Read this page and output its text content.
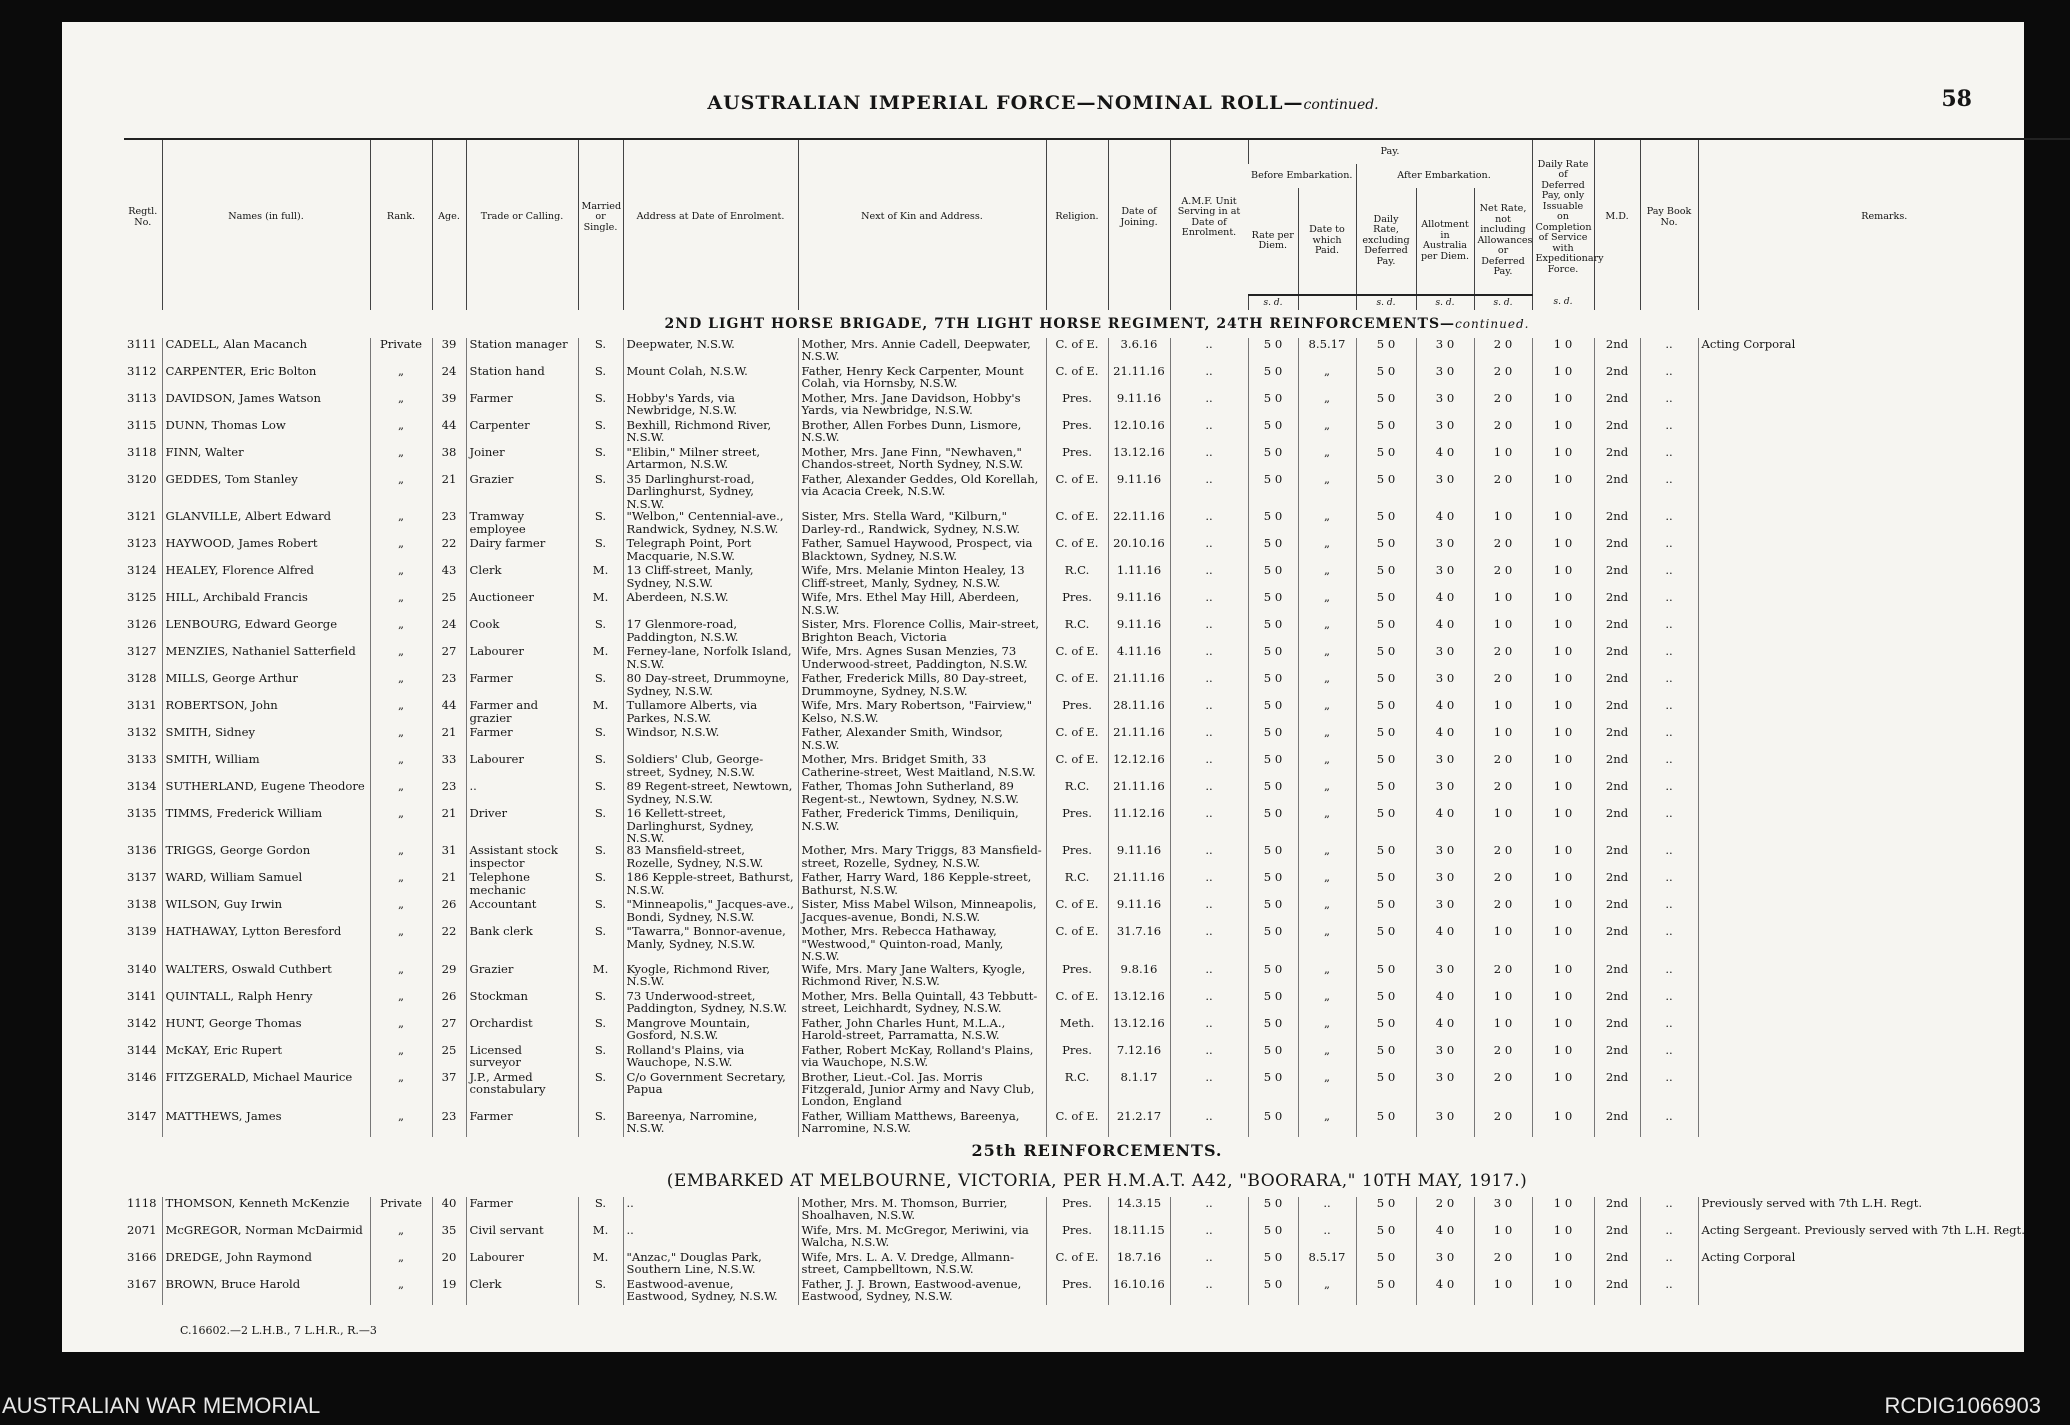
AUSTRALIAN IMPERIAL FORCE—NOMINAL ROLL—continued.	58
Regtl. No.	Names (in full).	Rank.	Age.	Trade or Calling.	Married or Single.	Address at Date of Enrolment.	Next of Kin and Address.	Religion.	Date of Joining.	A.M.F. Unit Serving in at Date of Enrolment.	Pay.					Daily Rate of Deferred Pay, only Issuable on Completion of Service with Expeditionary Force.	M.D.	Pay Book No.	Remarks.
											Before Embarkation.		After Embarkation.						
											Rate per Diem.	Date to which Paid.	Daily Rate, excluding Deferred Pay.	Allotment in Australia per Diem.	Net Rate, not including Allowances or Deferred Pay.				
											s. d.		s. d.	s. d.	s. d.	s. d.			
2ND LIGHT HORSE BRIGADE, 7TH LIGHT HORSE REGIMENT, 24TH REINFORCEMENTS—continued.																			
3111	CADELL, Alan Macanch	Private	39	Station manager	S.	Deepwater, N.S.W.	Mother, Mrs. Annie Cadell, Deepwater, N.S.W.	C. of E.	3.6.16	..	5 0	8.5.17	5 0	3 0	2 0	1 0	2nd	..	Acting Corporal
3112	CARPENTER, Eric Bolton	„	24	Station hand	S.	Mount Colah, N.S.W.	Father, Henry Keck Carpenter, Mount Colah, via Hornsby, N.S.W.	C. of E.	21.11.16	..	5 0	„	5 0	3 0	2 0	1 0	2nd	..	
3113	DAVIDSON, James Watson	„	39	Farmer	S.	Hobby's Yards, via Newbridge, N.S.W.	Mother, Mrs. Jane Davidson, Hobby's Yards, via Newbridge, N.S.W.	Pres.	9.11.16	..	5 0	„	5 0	3 0	2 0	1 0	2nd	..	
3115	DUNN, Thomas Low	„	44	Carpenter	S.	Bexhill, Richmond River, N.S.W.	Brother, Allen Forbes Dunn, Lismore, N.S.W.	Pres.	12.10.16	..	5 0	„	5 0	3 0	2 0	1 0	2nd	..	
3118	FINN, Walter	„	38	Joiner	S.	"Elibin," Milner street, Artarmon, N.S.W.	Mother, Mrs. Jane Finn, "Newhaven," Chandos-street, North Sydney, N.S.W.	Pres.	13.12.16	..	5 0	„	5 0	4 0	1 0	1 0	2nd	..	
3120	GEDDES, Tom Stanley	„	21	Grazier	S.	35 Darlinghurst-road, Darlinghurst, Sydney, N.S.W.	Father, Alexander Geddes, Old Korellah, via Acacia Creek, N.S.W.	C. of E.	9.11.16	..	5 0	„	5 0	3 0	2 0	1 0	2nd	..	
3121	GLANVILLE, Albert Edward	„	23	Tramway employee	S.	"Welbon," Centennial-ave., Randwick, Sydney, N.S.W.	Sister, Mrs. Stella Ward, "Kilburn," Darley-rd., Randwick, Sydney, N.S.W.	C. of E.	22.11.16	..	5 0	„	5 0	4 0	1 0	1 0	2nd	..	
3123	HAYWOOD, James Robert	„	22	Dairy farmer	S.	Telegraph Point, Port Macquarie, N.S.W.	Father, Samuel Haywood, Prospect, via Blacktown, Sydney, N.S.W.	C. of E.	20.10.16	..	5 0	„	5 0	3 0	2 0	1 0	2nd	..	
3124	HEALEY, Florence Alfred	„	43	Clerk	M.	13 Cliff-street, Manly, Sydney, N.S.W.	Wife, Mrs. Melanie Minton Healey, 13 Cliff-street, Manly, Sydney, N.S.W.	R.C.	1.11.16	..	5 0	„	5 0	3 0	2 0	1 0	2nd	..	
3125	HILL, Archibald Francis	„	25	Auctioneer	M.	Aberdeen, N.S.W.	Wife, Mrs. Ethel May Hill, Aberdeen, N.S.W.	Pres.	9.11.16	..	5 0	„	5 0	4 0	1 0	1 0	2nd	..	
3126	LENBOURG, Edward George	„	24	Cook	S.	17 Glenmore-road, Paddington, N.S.W.	Sister, Mrs. Florence Collis, Mair-street, Brighton Beach, Victoria	R.C.	9.11.16	..	5 0	„	5 0	4 0	1 0	1 0	2nd	..	
3127	MENZIES, Nathaniel Satterfield	„	27	Labourer	M.	Ferney-lane, Norfolk Island, N.S.W.	Wife, Mrs. Agnes Susan Menzies, 73 Underwood-street, Paddington, N.S.W.	C. of E.	4.11.16	..	5 0	„	5 0	3 0	2 0	1 0	2nd	..	
3128	MILLS, George Arthur	„	23	Farmer	S.	80 Day-street, Drummoyne, Sydney, N.S.W.	Father, Frederick Mills, 80 Day-street, Drummoyne, Sydney, N.S.W.	C. of E.	21.11.16	..	5 0	„	5 0	3 0	2 0	1 0	2nd	..	
3131	ROBERTSON, John	„	44	Farmer and grazier	M.	Tullamore Alberts, via Parkes, N.S.W.	Wife, Mrs. Mary Robertson, "Fairview," Kelso, N.S.W.	Pres.	28.11.16	..	5 0	„	5 0	4 0	1 0	1 0	2nd	..	
3132	SMITH, Sidney	„	21	Farmer	S.	Windsor, N.S.W.	Father, Alexander Smith, Windsor, N.S.W.	C. of E.	21.11.16	..	5 0	„	5 0	4 0	1 0	1 0	2nd	..	
3133	SMITH, William	„	33	Labourer	S.	Soldiers' Club, George-street, Sydney, N.S.W.	Mother, Mrs. Bridget Smith, 33 Catherine-street, West Maitland, N.S.W.	C. of E.	12.12.16	..	5 0	„	5 0	3 0	2 0	1 0	2nd	..	
3134	SUTHERLAND, Eugene Theodore	„	23	..	S.	89 Regent-street, Newtown, Sydney, N.S.W.	Father, Thomas John Sutherland, 89 Regent-st., Newtown, Sydney, N.S.W.	R.C.	21.11.16	..	5 0	„	5 0	3 0	2 0	1 0	2nd	..	
3135	TIMMS, Frederick William	„	21	Driver	S.	16 Kellett-street, Darlinghurst, Sydney, N.S.W.	Father, Frederick Timms, Deniliquin, N.S.W.	Pres.	11.12.16	..	5 0	„	5 0	4 0	1 0	1 0	2nd	..	
3136	TRIGGS, George Gordon	„	31	Assistant stock inspector	S.	83 Mansfield-street, Rozelle, Sydney, N.S.W.	Mother, Mrs. Mary Triggs, 83 Mansfield-street, Rozelle, Sydney, N.S.W.	Pres.	9.11.16	..	5 0	„	5 0	3 0	2 0	1 0	2nd	..	
3137	WARD, William Samuel	„	21	Telephone mechanic	S.	186 Kepple-street, Bathurst, N.S.W.	Father, Harry Ward, 186 Kepple-street, Bathurst, N.S.W.	R.C.	21.11.16	..	5 0	„	5 0	3 0	2 0	1 0	2nd	..	
3138	WILSON, Guy Irwin	„	26	Accountant	S.	"Minneapolis," Jacques-ave., Bondi, Sydney, N.S.W.	Sister, Miss Mabel Wilson, Minneapolis, Jacques-avenue, Bondi, N.S.W.	C. of E.	9.11.16	..	5 0	„	5 0	3 0	2 0	1 0	2nd	..	
3139	HATHAWAY, Lytton Beresford	„	22	Bank clerk	S.	"Tawarra," Bonnor-avenue, Manly, Sydney, N.S.W.	Mother, Mrs. Rebecca Hathaway, "Westwood," Quinton-road, Manly, N.S.W.	C. of E.	31.7.16	..	5 0	„	5 0	4 0	1 0	1 0	2nd	..	
3140	WALTERS, Oswald Cuthbert	„	29	Grazier	M.	Kyogle, Richmond River, N.S.W.	Wife, Mrs. Mary Jane Walters, Kyogle, Richmond River, N.S.W.	Pres.	9.8.16	..	5 0	„	5 0	3 0	2 0	1 0	2nd	..	
3141	QUINTALL, Ralph Henry	„	26	Stockman	S.	73 Underwood-street, Paddington, Sydney, N.S.W.	Mother, Mrs. Bella Quintall, 43 Tebbutt-street, Leichhardt, Sydney, N.S.W.	C. of E.	13.12.16	..	5 0	„	5 0	4 0	1 0	1 0	2nd	..	
3142	HUNT, George Thomas	„	27	Orchardist	S.	Mangrove Mountain, Gosford, N.S.W.	Father, John Charles Hunt, M.L.A., Harold-street, Parramatta, N.S.W.	Meth.	13.12.16	..	5 0	„	5 0	4 0	1 0	1 0	2nd	..	
3144	McKAY, Eric Rupert	„	25	Licensed surveyor	S.	Rolland's Plains, via Wauchope, N.S.W.	Father, Robert McKay, Rolland's Plains, via Wauchope, N.S.W.	Pres.	7.12.16	..	5 0	„	5 0	3 0	2 0	1 0	2nd	..	
3146	FITZGERALD, Michael Maurice	„	37	J.P., Armed constabulary	S.	C/o Government Secretary, Papua	Brother, Lieut.-Col. Jas. Morris Fitzgerald, Junior Army and Navy Club, London, England	R.C.	8.1.17	..	5 0	„	5 0	3 0	2 0	1 0	2nd	..	
3147	MATTHEWS, James	„	23	Farmer	S.	Bareenya, Narromine, N.S.W.	Father, William Matthews, Bareenya, Narromine, N.S.W.	C. of E.	21.2.17	..	5 0	„	5 0	3 0	2 0	1 0	2nd	..	
25th REINFORCEMENTS.																			
(EMBARKED AT MELBOURNE, VICTORIA, PER H.M.A.T. A42, "BOORARA," 10TH MAY, 1917.)																			
1118	THOMSON, Kenneth McKenzie	Private	40	Farmer	S.	..	Mother, Mrs. M. Thomson, Burrier, Shoalhaven, N.S.W.	Pres.	14.3.15	..	5 0	..	5 0	2 0	3 0	1 0	2nd	..	Previously served with 7th L.H. Regt.
2071	McGREGOR, Norman McDairmid	„	35	Civil servant	M.	..	Wife, Mrs. M. McGregor, Meriwini, via Walcha, N.S.W.	Pres.	18.11.15	..	5 0	..	5 0	4 0	1 0	1 0	2nd	..	Acting Sergeant. Previously served with 7th L.H. Regt.
3166	DREDGE, John Raymond	„	20	Labourer	M.	"Anzac," Douglas Park, Southern Line, N.S.W.	Wife, Mrs. L. A. V. Dredge, Allmann-street, Campbelltown, N.S.W.	C. of E.	18.7.16	..	5 0	8.5.17	5 0	3 0	2 0	1 0	2nd	..	Acting Corporal
3167	BROWN, Bruce Harold	„	19	Clerk	S.	Eastwood-avenue, Eastwood, Sydney, N.S.W.	Father, J. J. Brown, Eastwood-avenue, Eastwood, Sydney, N.S.W.	Pres.	16.10.16	..	5 0	„	5 0	4 0	1 0	1 0	2nd	..	
C.16602.—2 L.H.B., 7 L.H.R., R.—3
AUSTRALIAN WAR MEMORIAL	RCDIG1066903
